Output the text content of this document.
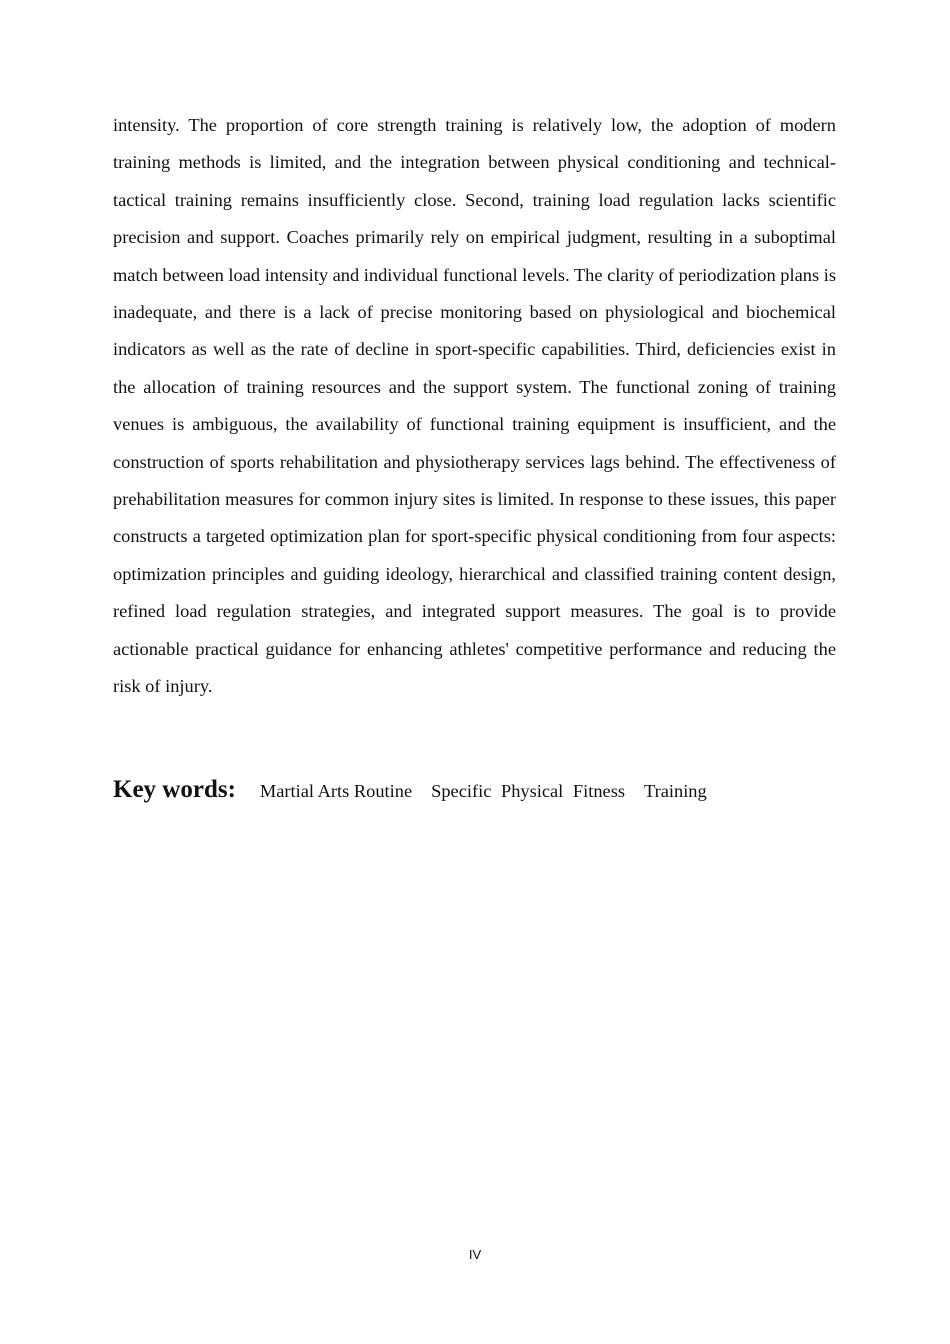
intensity. The proportion of core strength training is relatively low, the adoption of modern training methods is limited, and the integration between physical conditioning and technical-tactical training remains insufficiently close. Second, training load regulation lacks scientific precision and support. Coaches primarily rely on empirical judgment, resulting in a suboptimal match between load intensity and individual functional levels. The clarity of periodization plans is inadequate, and there is a lack of precise monitoring based on physiological and biochemical indicators as well as the rate of decline in sport-specific capabilities. Third, deficiencies exist in the allocation of training resources and the support system. The functional zoning of training venues is ambiguous, the availability of functional training equipment is insufficient, and the construction of sports rehabilitation and physiotherapy services lags behind. The effectiveness of prehabilitation measures for common injury sites is limited. In response to these issues, this paper constructs a targeted optimization plan for sport-specific physical conditioning from four aspects: optimization principles and guiding ideology, hierarchical and classified training content design, refined load regulation strategies, and integrated support measures. The goal is to provide actionable practical guidance for enhancing athletes' competitive performance and reducing the risk of injury.

Key words: Martial Arts Routine Specific Physical Fitness Training
IV
